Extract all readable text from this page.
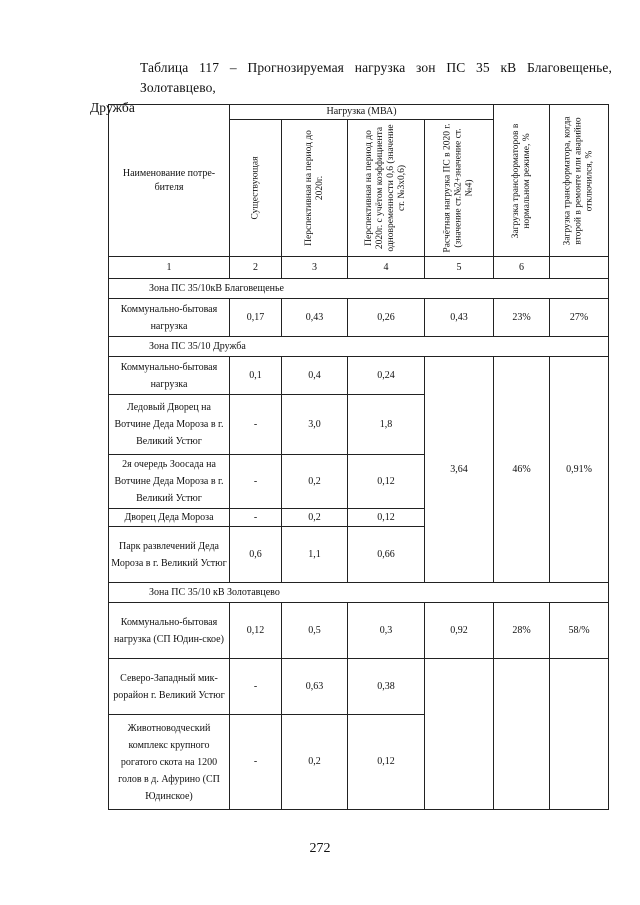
Таблица 117 – Прогнозируемая нагрузка зон ПС 35 кВ Благовещенье, Золотавцево,
Дружба
Наименование потре-бителя	Нагрузка (МВА)				Загрузка трансформаторов в нормальном режиме, %	Загрузка трансформатора, когда второй в ремонте или аварийно отключился, %

	Существующая	Перспективная на период до 2020г.	Перспективная на период до 2020г. с учётом коэффициента одновременности 0,6 (значение ст. №3х0,6)	Расчётная нагрузка ПС в 2020 г. (значение ст.№2+значение ст.№4)		

1	2	3	4	5	6	
Зона ПС 35/10кВ Благовещенье						
Коммунально-бытовая нагрузка	0,17	0,43	0,26	0,43	23%	27%
Зона ПС 35/10 Дружба						
Коммунально-бытовая нагрузка	0,1	0,4	0,24	3,64	46%	0,91%
Ледовый Дворец на Вотчине Деда Мороза в г. Великий Устюг	-	3,0	1,8			
2я очередь Зоосада на Вотчине Деда Мороза в г. Великий Устюг	-	0,2	0,12			
Дворец Деда Мороза	-	0,2	0,12			
Парк развлечений Деда Мороза в г. Великий Устюг	0,6	1,1	0,66			
Зона ПС 35/10 кВ Золотавцево						
Коммунально-бытовая нагрузка (СП Юдин-ское)	0,12	0,5	0,3	0,92	28%	58/%
Северо-Западный мик-рорайон г. Великий Устюг	-	0,63	0,38			
Животноводческий комплекс крупного рогатого скота на 1200 голов в д. Афурино (СП Юдинское)	-	0,2	0,12			
272
